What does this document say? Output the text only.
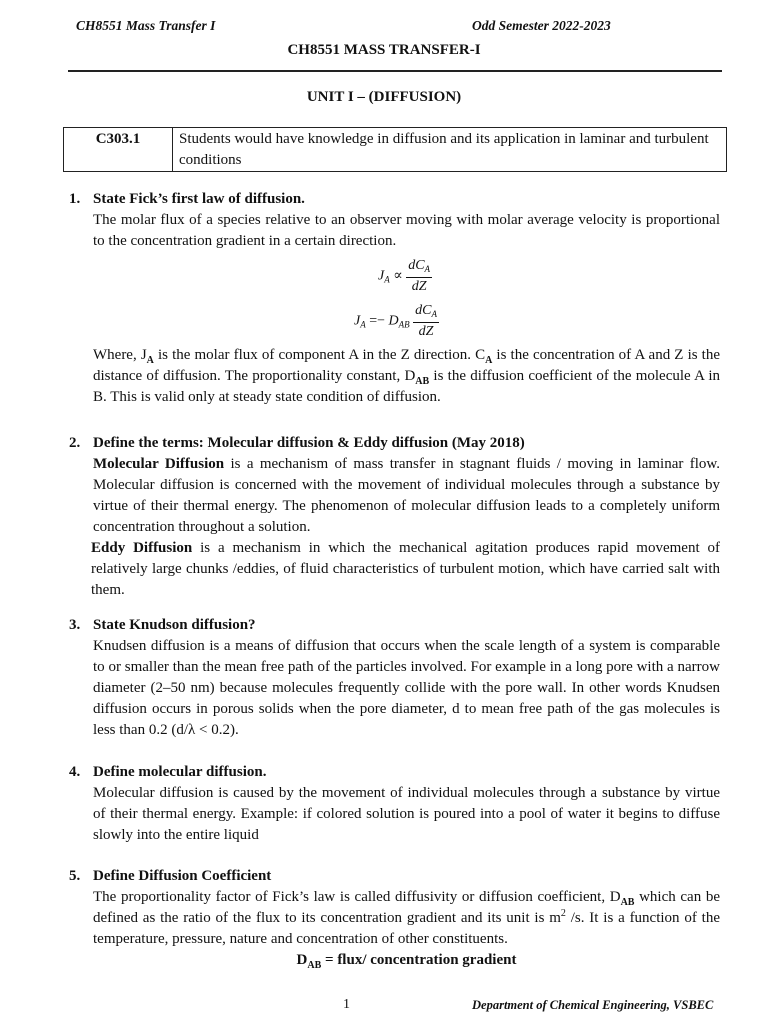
CH8551 Mass Transfer I	Odd Semester 2022-2023
CH8551 MASS TRANSFER-I
UNIT I – (DIFFUSION)
C303.1	Students would have knowledge in diffusion and its application in laminar and turbulent conditions
1. State Fick’s first law of diffusion.

The molar flux of a species relative to an observer moving with molar average velocity is proportional to the concentration gradient in a certain direction.

$J_A \propto \frac{dC_A}{dZ}$
$J_A =- D_{AB} \frac{dC_A}{dZ}$

Where, $J_A$ is the molar flux of component A in the Z direction. $C_A$ is the concentration of A and Z is the distance of diffusion. The proportionality constant, $D_{AB}$ is the diffusion coefficient of the molecule A in B. This is valid only at steady state condition of diffusion.

2. Define the terms: Molecular diffusion & Eddy diffusion (May 2018)

Molecular Diffusion is a mechanism of mass transfer in stagnant fluids / moving in laminar flow. Molecular diffusion is concerned with the movement of individual molecules through a substance by virtue of their thermal energy. The phenomenon of molecular diffusion leads to a completely uniform concentration throughout a solution.

Eddy Diffusion is a mechanism in which the mechanical agitation produces rapid movement of relatively large chunks /eddies, of fluid characteristics of turbulent motion, which have carried salt with them.

3. State Knudson diffusion?

Knudsen diffusion is a means of diffusion that occurs when the scale length of a system is comparable to or smaller than the mean free path of the particles involved. For example in a long pore with a narrow diameter (2–50 nm) because molecules frequently collide with the pore wall. In other words Knudsen diffusion occurs in porous solids when the pore diameter, d to mean free path of the gas molecules is less than 0.2 (d/λ < 0.2).

4. Define molecular diffusion.

Molecular diffusion is caused by the movement of individual molecules through a substance by virtue of their thermal energy. Example: if colored solution is poured into a pool of water it begins to diffuse slowly into the entire liquid

5. Define Diffusion Coefficient

The proportionality factor of Fick’s law is called diffusivity or diffusion coefficient, $D_{AB}$ which can be defined as the ratio of the flux to its concentration gradient and its unit is $m^2$ /s. It is a function of the temperature, pressure, nature and concentration of other constituents.

$D_{AB}$ = flux/ concentration gradient

1	Department of Chemical Engineering, VSBEC
